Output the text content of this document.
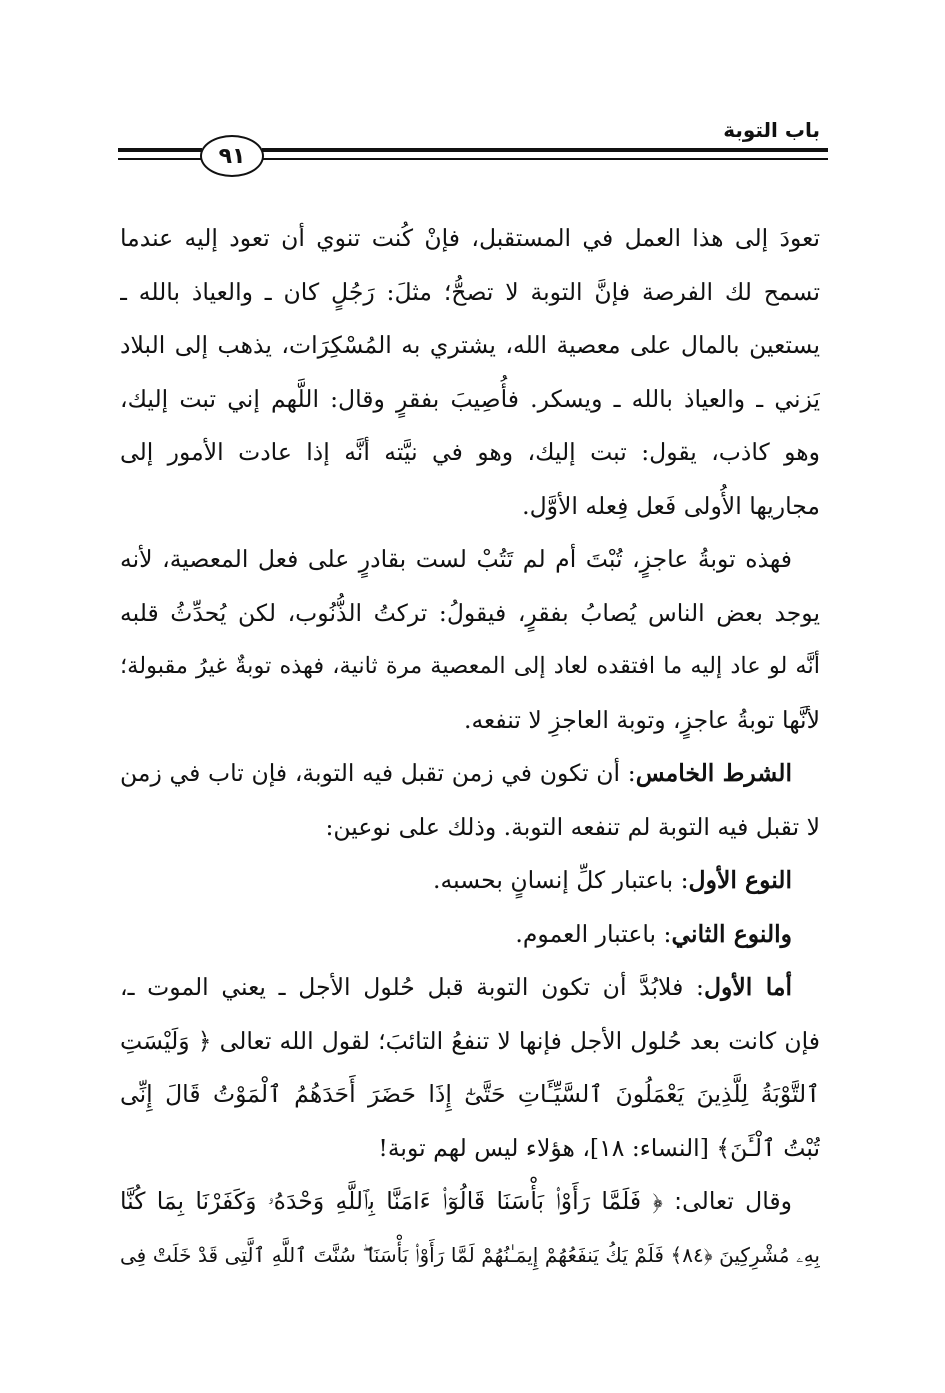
باب التوبة
٩١
تعودَ إلى هذا العمل في المستقبل، فإنْ كُنت تنوي أن تعود إليه عندما
تسمح لك الفرصة فإنَّ التوبة لا تصحُّ؛ مثلَ: رَجُلٍ كان ـ والعياذ بالله ـ
يستعين بالمال على معصية الله، يشتري به المُسْكِرَات، يذهب إلى البلاد
يَزني ـ والعياذ بالله ـ ويسكر. فأُصِيبَ بفقرٍ وقال: اللَّهم إني تبت إليك،
وهو كاذب، يقول: تبت إليك، وهو في نيَّته أنَّه إذا عادت الأمور إلى
مجاريها الأُولى فَعل فِعله الأوَّل.
فهذه توبةُ عاجزٍ، تُبْتَ أم لم تَتُبْ لست بقادرٍ على فعل المعصية، لأنه
يوجد بعض الناس يُصابُ بفقرٍ، فيقولُ: تركتُ الذُّنُوب، لكن يُحدِّثُ قلبه
أنَّه لو عاد إليه ما افتقده لعاد إلى المعصية مرة ثانية، فهذه توبةٌ غيرُ مقبولة؛
لأنَّها توبةُ عاجزٍ، وتوبة العاجزِ لا تنفعه.
الشرط الخامس: أن تكون في زمن تقبل فيه التوبة، فإن تاب في زمن
لا تقبل فيه التوبة لم تنفعه التوبة. وذلك على نوعين:
النوع الأول: باعتبار كلِّ إنسانٍ بحسبه.
والنوع الثاني: باعتبار العموم.
أما الأول: فلابُدَّ أن تكون التوبة قبل حُلول الأجل ـ يعني الموت ـ،
فإن كانت بعد حُلول الأجل فإنها لا تنفعُ التائبَ؛ لقول الله تعالى ﴿ وَلَيْسَتِ
ٱلتَّوْبَةُ لِلَّذِينَ يَعْمَلُونَ ٱلسَّيِّـَٔاتِ حَتَّىٰٓ إِذَا حَضَرَ أَحَدَهُمُ ٱلْمَوْتُ قَالَ إِنِّى
تُبْتُ ٱلْـَٔنَ﴾ [النساء: ١٨]، هؤلاء ليس لهم توبة!
وقال تعالى: ﴿ فَلَمَّا رَأَوْا۟ بَأْسَنَا قَالُوٓا۟ ءَامَنَّا بِٱللَّهِ وَحْدَهُۥ وَكَفَرْنَا بِمَا كُنَّا
بِهِۦ مُشْرِكِينَ ﴿٨٤﴾ فَلَمْ يَكُ يَنفَعُهُمْ إِيمَـٰنُهُمْ لَمَّا رَأَوْا۟ بَأْسَنَا ۖ سُنَّتَ ٱللَّهِ ٱلَّتِى قَدْ خَلَتْ فِى
